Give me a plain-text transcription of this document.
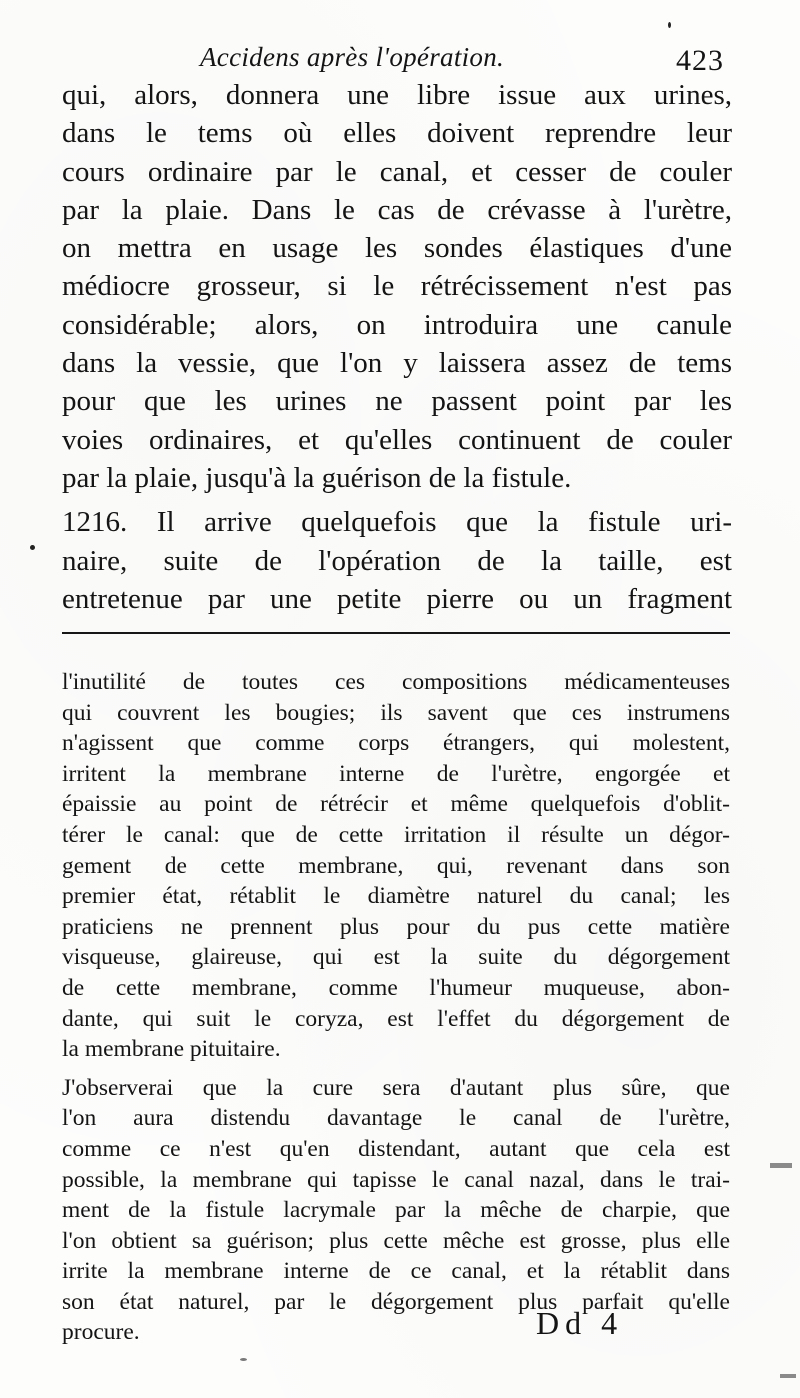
Accidens après l'opération.	423
qui, alors, donnera une libre issue aux urines,
dans le tems où elles doivent reprendre leur
cours ordinaire par le canal, et cesser de couler
par la plaie. Dans le cas de crévasse à l'urètre,
on mettra en usage les sondes élastiques d'une
médiocre grosseur, si le rétrécissement n'est pas
considérable; alors, on introduira une canule
dans la vessie, que l'on y laissera assez de tems
pour que les urines ne passent point par les
voies ordinaires, et qu'elles continuent de couler
par la plaie, jusqu'à la guérison de la fistule.
1216. Il arrive quelquefois que la fistule uri-
naire, suite de l'opération de la taille, est
entretenue par une petite pierre ou un fragment
l'inutilité de toutes ces compositions médicamenteuses
qui couvrent les bougies; ils savent que ces instrumens
n'agissent que comme corps étrangers, qui molestent,
irritent la membrane interne de l'urètre, engorgée et
épaissie au point de rétrécir et même quelquefois d'oblit-
térer le canal: que de cette irritation il résulte un dégor-
gement de cette membrane, qui, revenant dans son
premier état, rétablit le diamètre naturel du canal; les
praticiens ne prennent plus pour du pus cette matière
visqueuse, glaireuse, qui est la suite du dégorgement
de cette membrane, comme l'humeur muqueuse, abon-
dante, qui suit le coryza, est l'effet du dégorgement de
la membrane pituitaire.
J'observerai que la cure sera d'autant plus sûre, que
l'on aura distendu davantage le canal de l'urètre,
comme ce n'est qu'en distendant, autant que cela est
possible, la membrane qui tapisse le canal nazal, dans le trai-
ment de la fistule lacrymale par la mêche de charpie, que
l'on obtient sa guérison; plus cette mêche est grosse, plus elle
irrite la membrane interne de ce canal, et la rétablit dans
son état naturel, par le dégorgement plus parfait qu'elle
procure.	Dd 4
